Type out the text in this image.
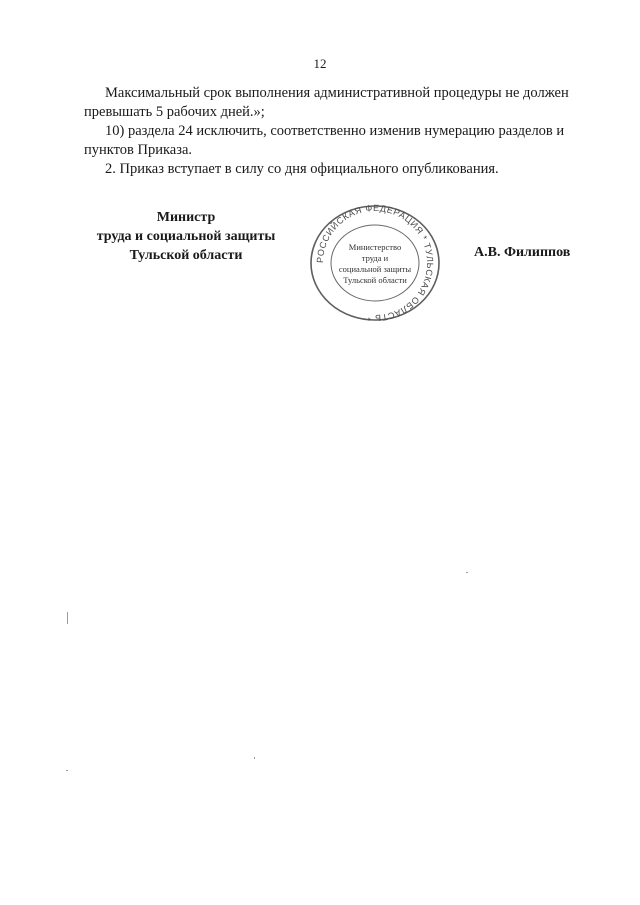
12

Максимальный срок выполнения административной процедуры не должен

превышать 5 рабочих дней.»;

10) раздела 24 исключить, соответственно изменив нумерацию разделов и

пунктов Приказа.

2. Приказ вступает в силу со дня официального опубликования.

Министр
труда и социальной защиты
Тульской области	РОССИЙСКАЯ ФЕДЕРАЦИЯ * ТУЛЬСКАЯ ОБЛАСТЬ *
Министерство
труда и
социальной защиты
Тульской области
А.В. Филиппов
